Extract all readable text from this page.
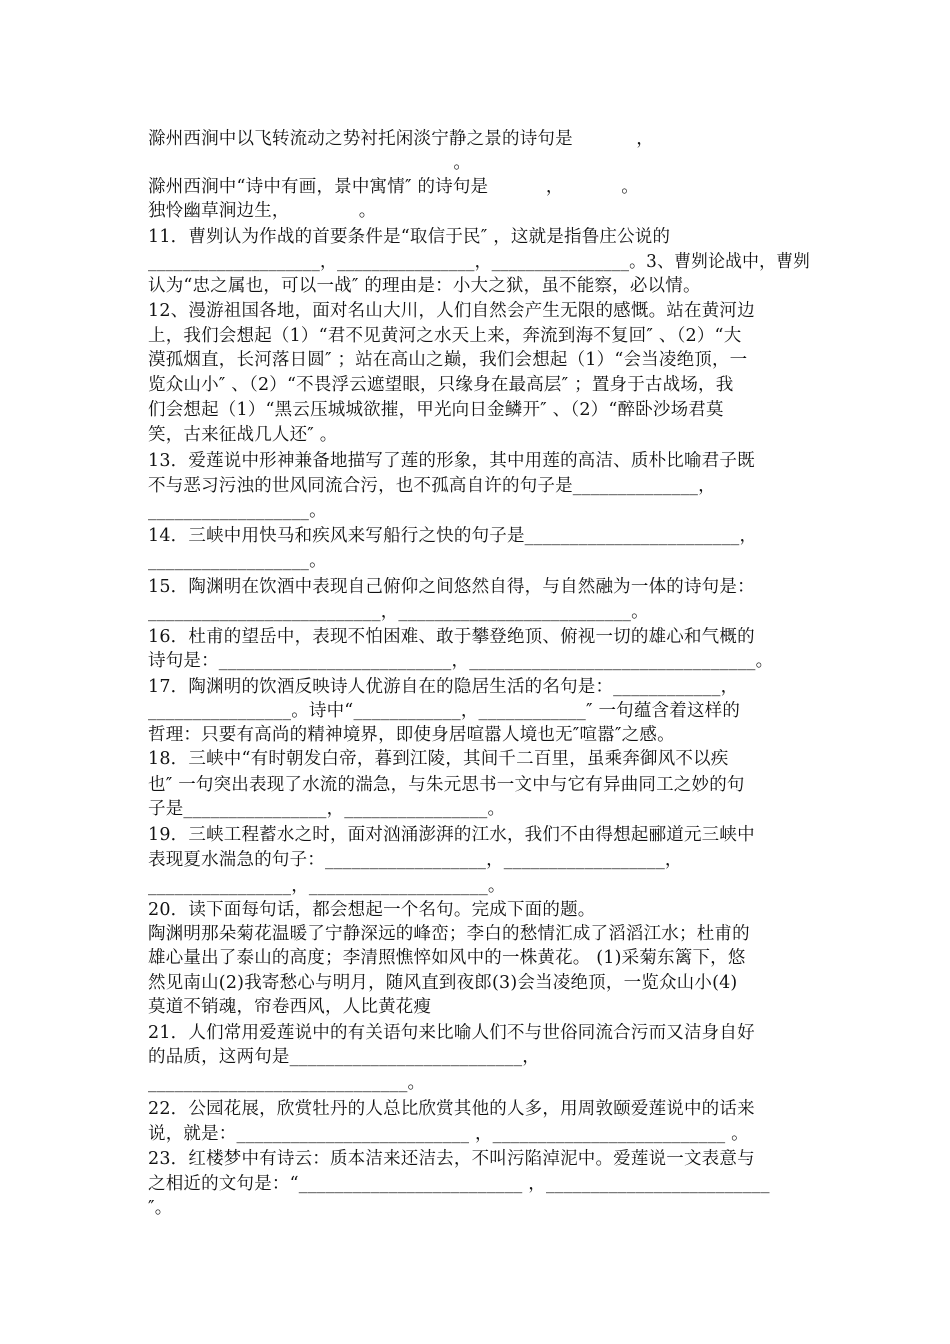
滁州西涧中以飞转流动之势衬托闲淡宁静之景的诗句是           ，
。
滁州西涧中“诗中有画，景中寓情″ 的诗句是          ，          。
独怜幽草涧边生，            。
11．曹刿认为作战的首要条件是“取信于民″ ，这就是指鲁庄公说的
____________________，________________，________________。3、曹刿论战中，曹刿
认为“忠之属也，可以一战″ 的理由是：小大之狱，虽不能察，必以情。
12、漫游祖国各地，面对名山大川，人们自然会产生无限的感慨。站在黄河边
上，我们会想起（1）“君不见黄河之水天上来，奔流到海不复回″ 、（2）“大
漠孤烟直，长河落日圆″ ；站在高山之巅，我们会想起（1）“会当凌绝顶，一
览众山小″ 、（2）“不畏浮云遮望眼，只缘身在最高层″ ；置身于古战场，我
们会想起（1）“黑云压城城欲摧，甲光向日金鳞开″ 、（2）“醉卧沙场君莫
笑，古来征战几人还″ 。
13．爱莲说中形神兼备地描写了莲的形象，其中用莲的高洁、质朴比喻君子既
不与恶习污浊的世风同流合污，也不孤高自许的句子是______________，
__________________。
14．三峡中用快马和疾风来写船行之快的句子是________________________，
__________________。
15．陶渊明在饮酒中表现自己俯仰之间悠然自得，与自然融为一体的诗句是：
__________________________，__________________________。
16．杜甫的望岳中，表现不怕困难、敢于攀登绝顶、俯视一切的雄心和气概的
诗句是：__________________________，________________________________。
17．陶渊明的饮酒反映诗人优游自在的隐居生活的名句是：____________，
________________。诗中“____________，____________″ 一句蕴含着这样的
哲理：只要有高尚的精神境界，即使身居喧嚣人境也无″喧嚣″之感。
18．三峡中“有时朝发白帝，暮到江陵，其间千二百里，虽乘奔御风不以疾
也″ 一句突出表现了水流的湍急，与朱元思书一文中与它有异曲同工之妙的句
子是________________，________________。
19．三峡工程蓄水之时，面对汹涌澎湃的江水，我们不由得想起郦道元三峡中
表现夏水湍急的句子：__________________，__________________，
________________，____________________。
20．读下面每句话，都会想起一个名句。完成下面的题。
陶渊明那朵菊花温暖了宁静深远的峰峦；李白的愁情汇成了滔滔江水；杜甫的
雄心量出了泰山的高度；李清照憔悴如风中的一株黄花。 (1)采菊东篱下，悠
然见南山(2)我寄愁心与明月，随风直到夜郎(3)会当凌绝顶，一览众山小(4)
莫道不销魂，帘卷西风，人比黄花瘦
21．人们常用爱莲说中的有关语句来比喻人们不与世俗同流合污而又洁身自好
的品质，这两句是__________________________，
_____________________________。
22．公园花展，欣赏牡丹的人总比欣赏其他的人多，用周敦颐爱莲说中的话来
说，就是：__________________________ ，__________________________ 。
23．红楼梦中有诗云：质本洁来还洁去，不叫污陷淖泥中。爱莲说一文表意与
之相近的文句是：“_________________________ ，_________________________
″。
